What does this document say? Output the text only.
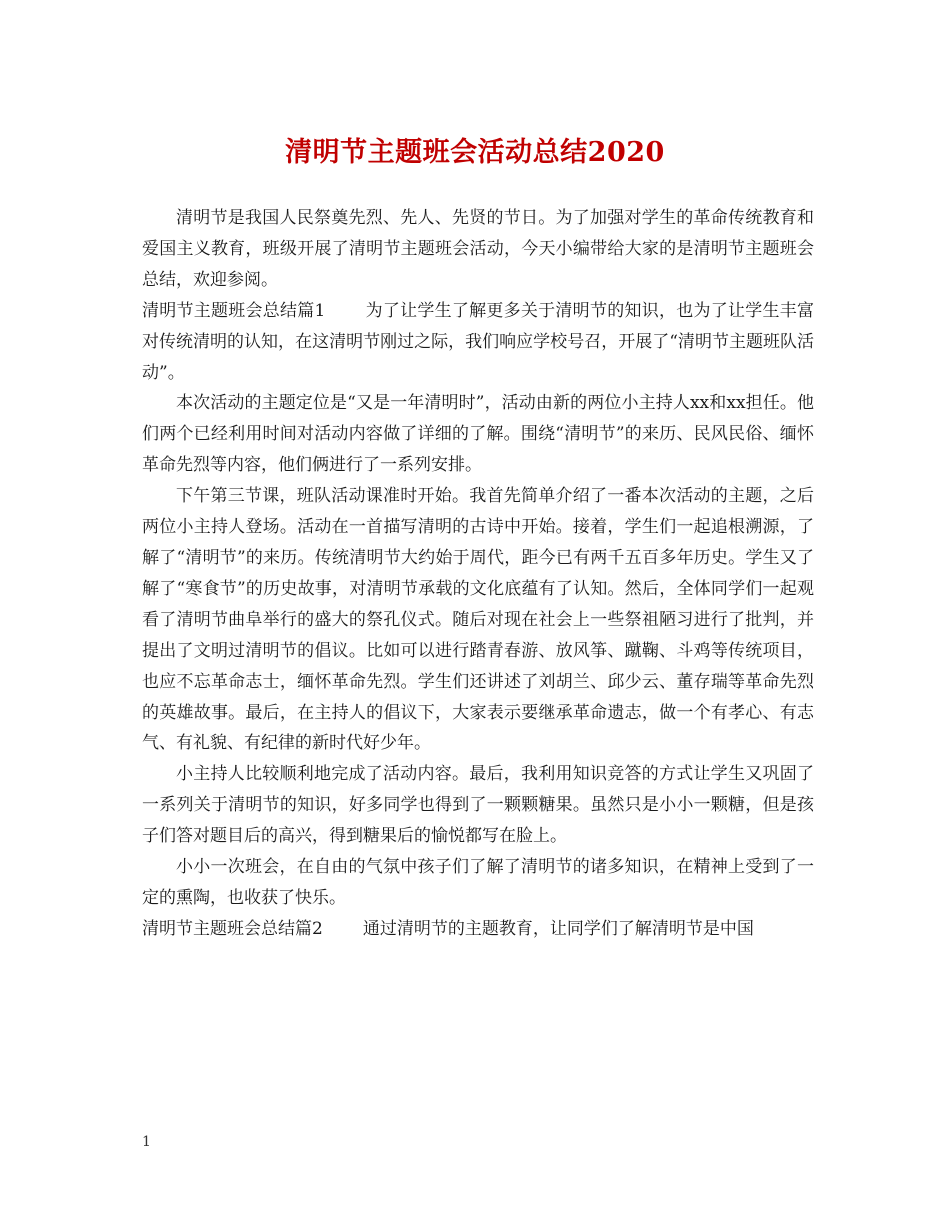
清明节主题班会活动总结2020

清明节是我国人民祭奠先烈、先人、先贤的节日。为了加强对学生的革命传统教育和爱国主义教育，班级开展了清明节主题班会活动，今天小编带给大家的是清明节主题班会总结，欢迎参阅。

清明节主题班会总结篇1 为了让学生了解更多关于清明节的知识，也为了让学生丰富对传统清明的认知，在这清明节刚过之际，我们响应学校号召，开展了“清明节主题班队活动”。

本次活动的主题定位是“又是一年清明时”，活动由新的两位小主持人xx和xx担任。他们两个已经利用时间对活动内容做了详细的了解。围绕“清明节”的来历、民风民俗、缅怀革命先烈等内容，他们俩进行了一系列安排。

下午第三节课，班队活动课准时开始。我首先简单介绍了一番本次活动的主题，之后两位小主持人登场。活动在一首描写清明的古诗中开始。接着，学生们一起追根溯源，了解了“清明节”的来历。传统清明节大约始于周代，距今已有两千五百多年历史。学生又了解了“寒食节”的历史故事，对清明节承载的文化底蕴有了认知。然后，全体同学们一起观看了清明节曲阜举行的盛大的祭孔仪式。随后对现在社会上一些祭祖陋习进行了批判，并提出了文明过清明节的倡议。比如可以进行踏青春游、放风筝、蹴鞠、斗鸡等传统项目，也应不忘革命志士，缅怀革命先烈。学生们还讲述了刘胡兰、邱少云、董存瑞等革命先烈的英雄故事。最后，在主持人的倡议下，大家表示要继承革命遗志，做一个有孝心、有志气、有礼貌、有纪律的新时代好少年。

小主持人比较顺利地完成了活动内容。最后，我利用知识竞答的方式让学生又巩固了一系列关于清明节的知识，好多同学也得到了一颗颗糖果。虽然只是小小一颗糖，但是孩子们答对题目后的高兴，得到糖果后的愉悦都写在脸上。

小小一次班会，在自由的气氛中孩子们了解了清明节的诸多知识，在精神上受到了一定的熏陶，也收获了快乐。

清明节主题班会总结篇2 通过清明节的主题教育，让同学们了解清明节是中国

1
